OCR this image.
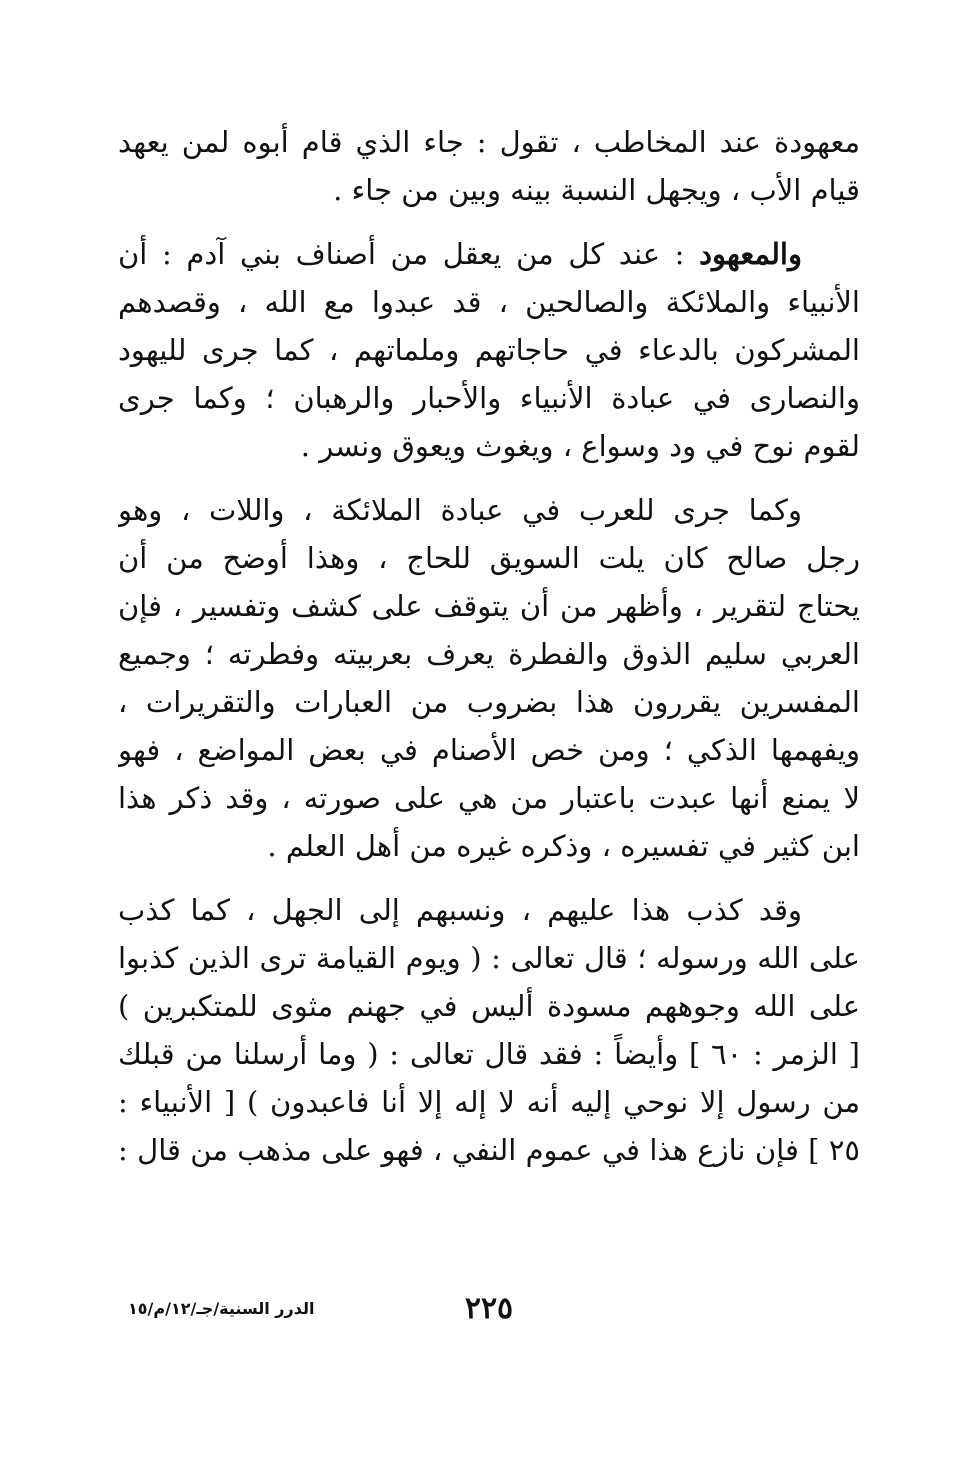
معهودة عند المخاطب ، تقول : جاء الذي قام أبوه لمن يعهد
قيام الأب ، ويجهل النسبة بينه وبين من جاء .

والمعهود : عند كل من يعقل من أصناف بني آدم : أن
الأنبياء والملائكة والصالحين ، قد عبدوا مع الله ، وقصدهم
المشركون بالدعاء في حاجاتهم وملماتهم ، كما جرى لليهود
والنصارى في عبادة الأنبياء والأحبار والرهبان ؛ وكما جرى
لقوم نوح في ود وسواع ، ويغوث ويعوق ونسر .

وكما جرى للعرب في عبادة الملائكة ، واللات ، وهو
رجل صالح كان يلت السويق للحاج ، وهذا أوضح من أن
يحتاج لتقرير ، وأظهر من أن يتوقف على كشف وتفسير ، فإن
العربي سليم الذوق والفطرة يعرف بعربيته وفطرته ؛ وجميع
المفسرين يقررون هذا بضروب من العبارات والتقريرات ،
ويفهمها الذكي ؛ ومن خص الأصنام في بعض المواضع ، فهو
لا يمنع أنها عبدت باعتبار من هي على صورته ، وقد ذكر هذا
ابن كثير في تفسيره ، وذكره غيره من أهل العلم .

وقد كذب هذا عليهم ، ونسبهم إلى الجهل ، كما كذب
على الله ورسوله ؛ قال تعالى : ( ويوم القيامة ترى الذين كذبوا
على الله وجوههم مسودة أليس في جهنم مثوى للمتكبرين )
[ الزمر : ٦٠ ] وأيضاً : فقد قال تعالى : ( وما أرسلنا من قبلك
من رسول إلا نوحي إليه أنه لا إله إلا أنا فاعبدون ) [ الأنبياء :
٢٥ ] فإن نازع هذا في عموم النفي ، فهو على مذهب من قال :

٢٢٥
الدرر السنية/جـ/١٢/م/١٥
